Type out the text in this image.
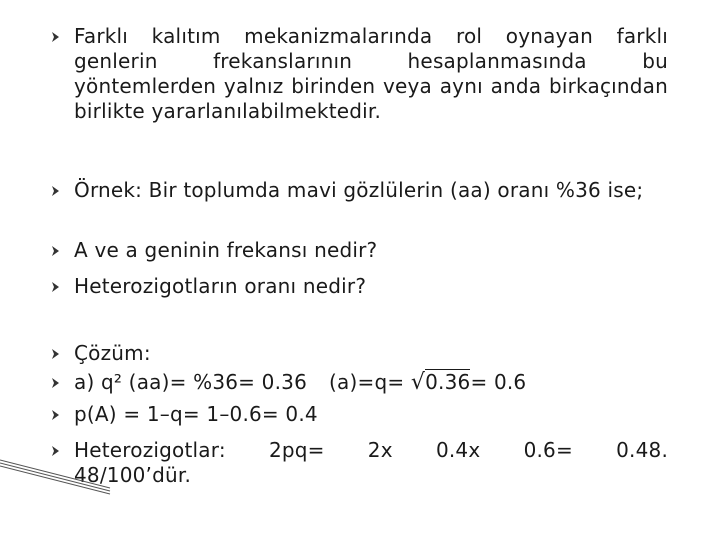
Farklı kalıtım mekanizmalarında rol oynayan farklı genlerin frekanslarının hesaplanmasında bu yöntemlerden yalnız birinden veya aynı anda birkaçından birlikte yararlanılabilmektedir.
Örnek: Bir toplumda mavi gözlülerin (aa) oranı %36 ise;
A ve a geninin frekansı nedir?
Heterozigotların oranı nedir?
Çözüm:
a) q² (aa)= %36= 0.36 (a)=q= √0.36= 0.6
p(A) = 1–q= 1–0.6= 0.4
Heterozigotlar: 2pq= 2x 0.4x 0.6= 0.48.
48/100’dür.
